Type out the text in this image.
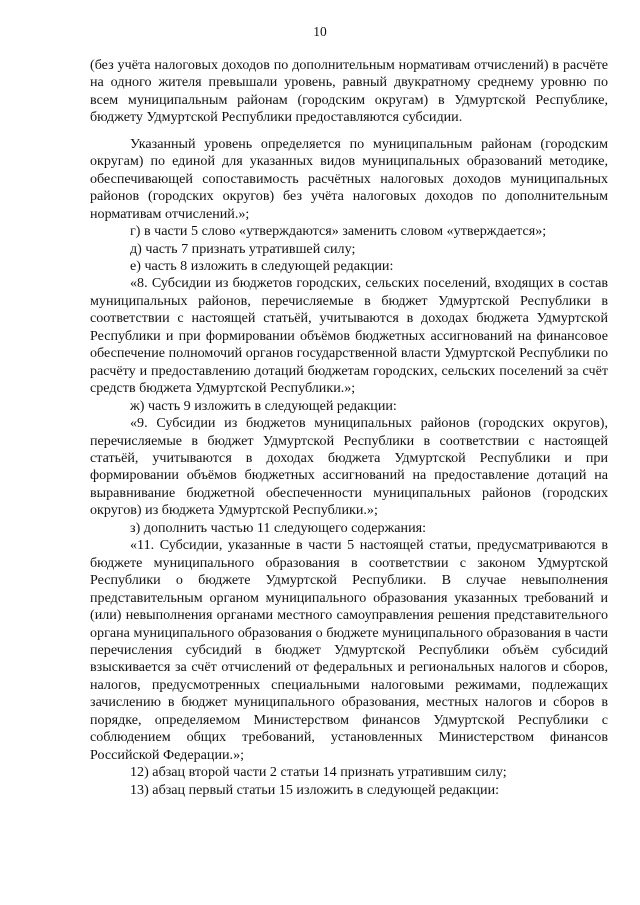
10

(без учёта налоговых доходов по дополнительным нормативам отчислений) в расчёте на одного жителя превышали уровень, равный двукратному среднему уровню по всем муниципальным районам (городским округам) в Удмуртской Республике, бюджету Удмуртской Республики предоставляются субсидии.

Указанный уровень определяется по муниципальным районам (городским округам) по единой для указанных видов муниципальных образований методике, обеспечивающей сопоставимость расчётных налоговых доходов муниципальных районов (городских округов) без учёта налоговых доходов по дополнительным нормативам отчислений.»;

г) в части 5 слово «утверждаются» заменить словом «утверждается»;

д) часть 7 признать утратившей силу;

е) часть 8 изложить в следующей редакции:

«8. Субсидии из бюджетов городских, сельских поселений, входящих в состав муниципальных районов, перечисляемые в бюджет Удмуртской Республики в соответствии с настоящей статьёй, учитываются в доходах бюджета Удмуртской Республики и при формировании объёмов бюджетных ассигнований на финансовое обеспечение полномочий органов государственной власти Удмуртской Республики по расчёту и предоставлению дотаций бюджетам городских, сельских поселений за счёт средств бюджета Удмуртской Республики.»;

ж) часть 9 изложить в следующей редакции:

«9. Субсидии из бюджетов муниципальных районов (городских округов), перечисляемые в бюджет Удмуртской Республики в соответствии с настоящей статьёй, учитываются в доходах бюджета Удмуртской Республики и при формировании объёмов бюджетных ассигнований на предоставление дотаций на выравнивание бюджетной обеспеченности муниципальных районов (городских округов) из бюджета Удмуртской Республики.»;

з) дополнить частью 11 следующего содержания:

«11. Субсидии, указанные в части 5 настоящей статьи, предусматриваются в бюджете муниципального образования в соответствии с законом Удмуртской Республики о бюджете Удмуртской Республики. В случае невыполнения представительным органом муниципального образования указанных требований и (или) невыполнения органами местного самоуправления решения представительного органа муниципального образования о бюджете муниципального образования в части перечисления субсидий в бюджет Удмуртской Республики объём субсидий взыскивается за счёт отчислений от федеральных и региональных налогов и сборов, налогов, предусмотренных специальными налоговыми режимами, подлежащих зачислению в бюджет муниципального образования, местных налогов и сборов в порядке, определяемом Министерством финансов Удмуртской Республики с соблюдением общих требований, установленных Министерством финансов Российской Федерации.»;

12) абзац второй части 2 статьи 14 признать утратившим силу;

13) абзац первый статьи 15 изложить в следующей редакции:
